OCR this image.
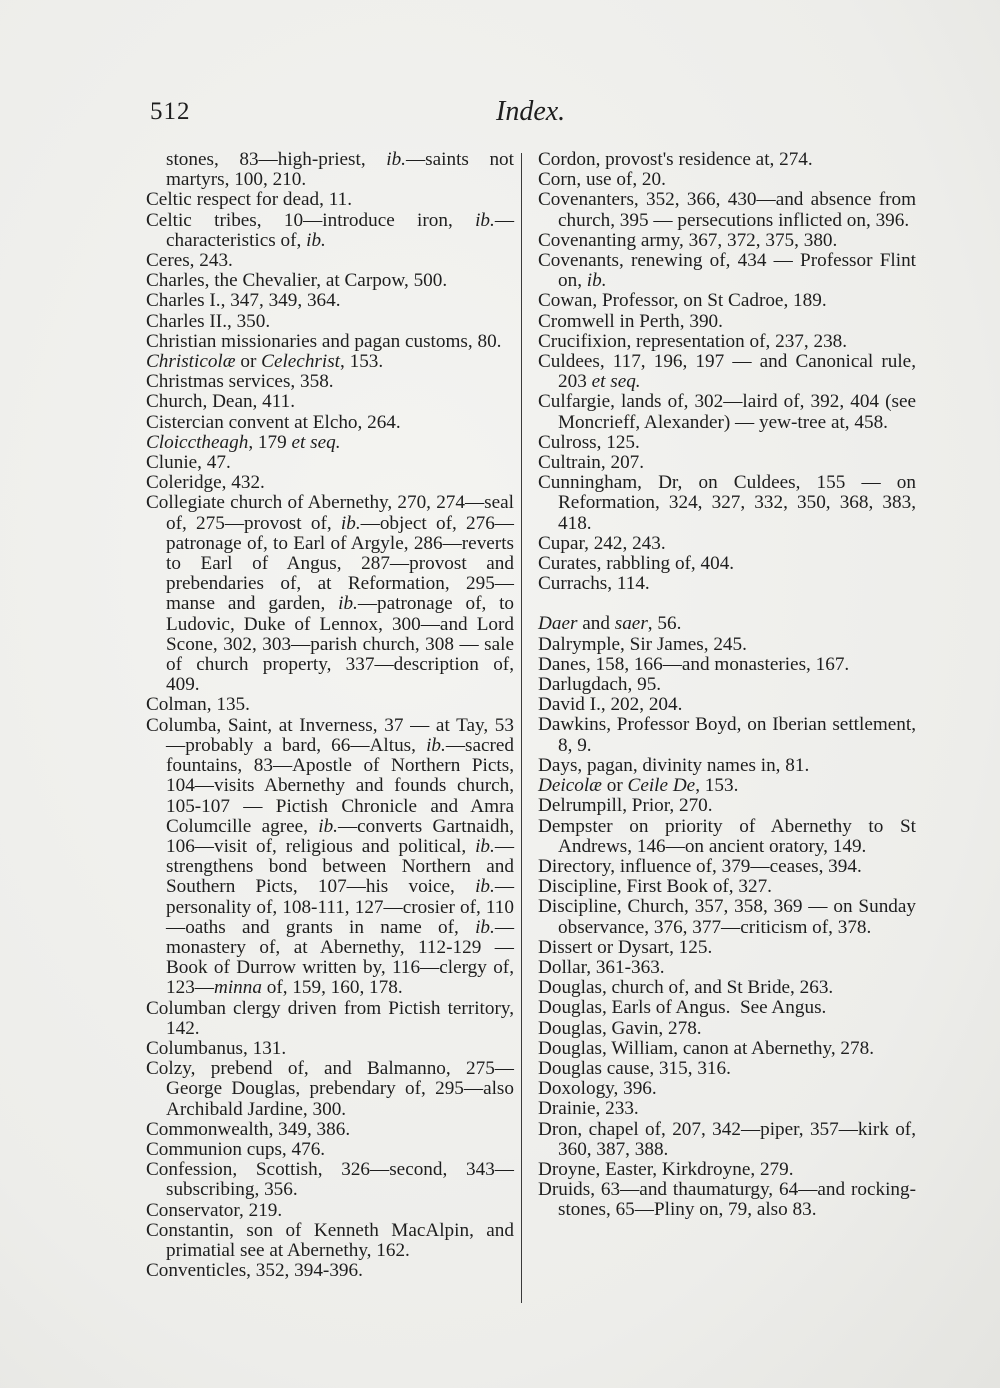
512	Index.

stones, 83—high-priest, ib.—saints not martyrs, 100, 210.

Celtic respect for dead, 11.

Celtic tribes, 10—introduce iron, ib.—characteristics of, ib.

Ceres, 243.

Charles, the Chevalier, at Carpow, 500.

Charles I., 347, 349, 364.

Charles II., 350.

Christian missionaries and pagan customs, 80.

Christicolæ or Celechrist, 153.

Christmas services, 358.

Church, Dean, 411.

Cistercian convent at Elcho, 264.

Cloicctheagh, 179 et seq.

Clunie, 47.

Coleridge, 432.

Collegiate church of Abernethy, 270, 274—seal of, 275—provost of, ib.—object of, 276—patronage of, to Earl of Argyle, 286—reverts to Earl of Angus, 287—provost and prebendaries of, at Reformation, 295—manse and garden, ib.—patronage of, to Ludovic, Duke of Lennox, 300—and Lord Scone, 302, 303—parish church, 308 — sale of church property, 337—description of, 409.

Colman, 135.

Columba, Saint, at Inverness, 37 — at Tay, 53—probably a bard, 66—Altus, ib.—sacred fountains, 83—Apostle of Northern Picts, 104—visits Abernethy and founds church, 105-107 — Pictish Chronicle and Amra Columcille agree, ib.—converts Gartnaidh, 106—visit of, religious and political, ib.—strengthens bond between Northern and Southern Picts, 107—his voice, ib.—personality of, 108-111, 127—crosier of, 110—oaths and grants in name of, ib.—monastery of, at Abernethy, 112-129 — Book of Durrow written by, 116—clergy of, 123—minna of, 159, 160, 178.

Columban clergy driven from Pictish territory, 142.

Columbanus, 131.

Colzy, prebend of, and Balmanno, 275—George Douglas, prebendary of, 295—also Archibald Jardine, 300.

Commonwealth, 349, 386.

Communion cups, 476.

Confession, Scottish, 326—second, 343—subscribing, 356.

Conservator, 219.

Constantin, son of Kenneth MacAlpin, and primatial see at Abernethy, 162.

Conventicles, 352, 394-396.

Cordon, provost's residence at, 274.

Corn, use of, 20.

Covenanters, 352, 366, 430—and absence from church, 395 — persecutions inflicted on, 396.

Covenanting army, 367, 372, 375, 380.

Covenants, renewing of, 434 — Professor Flint on, ib.

Cowan, Professor, on St Cadroe, 189.

Cromwell in Perth, 390.

Crucifixion, representation of, 237, 238.

Culdees, 117, 196, 197 — and Canonical rule, 203 et seq.

Culfargie, lands of, 302—laird of, 392, 404 (see Moncrieff, Alexander) — yew-tree at, 458.

Culross, 125.

Cultrain, 207.

Cunningham, Dr, on Culdees, 155 — on Reformation, 324, 327, 332, 350, 368, 383, 418.

Cupar, 242, 243.

Curates, rabbling of, 404.

Currachs, 114.

Daer and saer, 56.

Dalrymple, Sir James, 245.

Danes, 158, 166—and monasteries, 167.

Darlugdach, 95.

David I., 202, 204.

Dawkins, Professor Boyd, on Iberian settlement, 8, 9.

Days, pagan, divinity names in, 81.

Deicolæ or Ceile De, 153.

Delrumpill, Prior, 270.

Dempster on priority of Abernethy to St Andrews, 146—on ancient oratory, 149.

Directory, influence of, 379—ceases, 394.

Discipline, First Book of, 327.

Discipline, Church, 357, 358, 369 — on Sunday observance, 376, 377—criticism of, 378.

Dissert or Dysart, 125.

Dollar, 361-363.

Douglas, church of, and St Bride, 263.

Douglas, Earls of Angus.  See Angus.

Douglas, Gavin, 278.

Douglas, William, canon at Abernethy, 278.

Douglas cause, 315, 316.

Doxology, 396.

Drainie, 233.

Dron, chapel of, 207, 342—piper, 357—kirk of, 360, 387, 388.

Droyne, Easter, Kirkdroyne, 279.

Druids, 63—and thaumaturgy, 64—and rocking-stones, 65—Pliny on, 79, also 83.
